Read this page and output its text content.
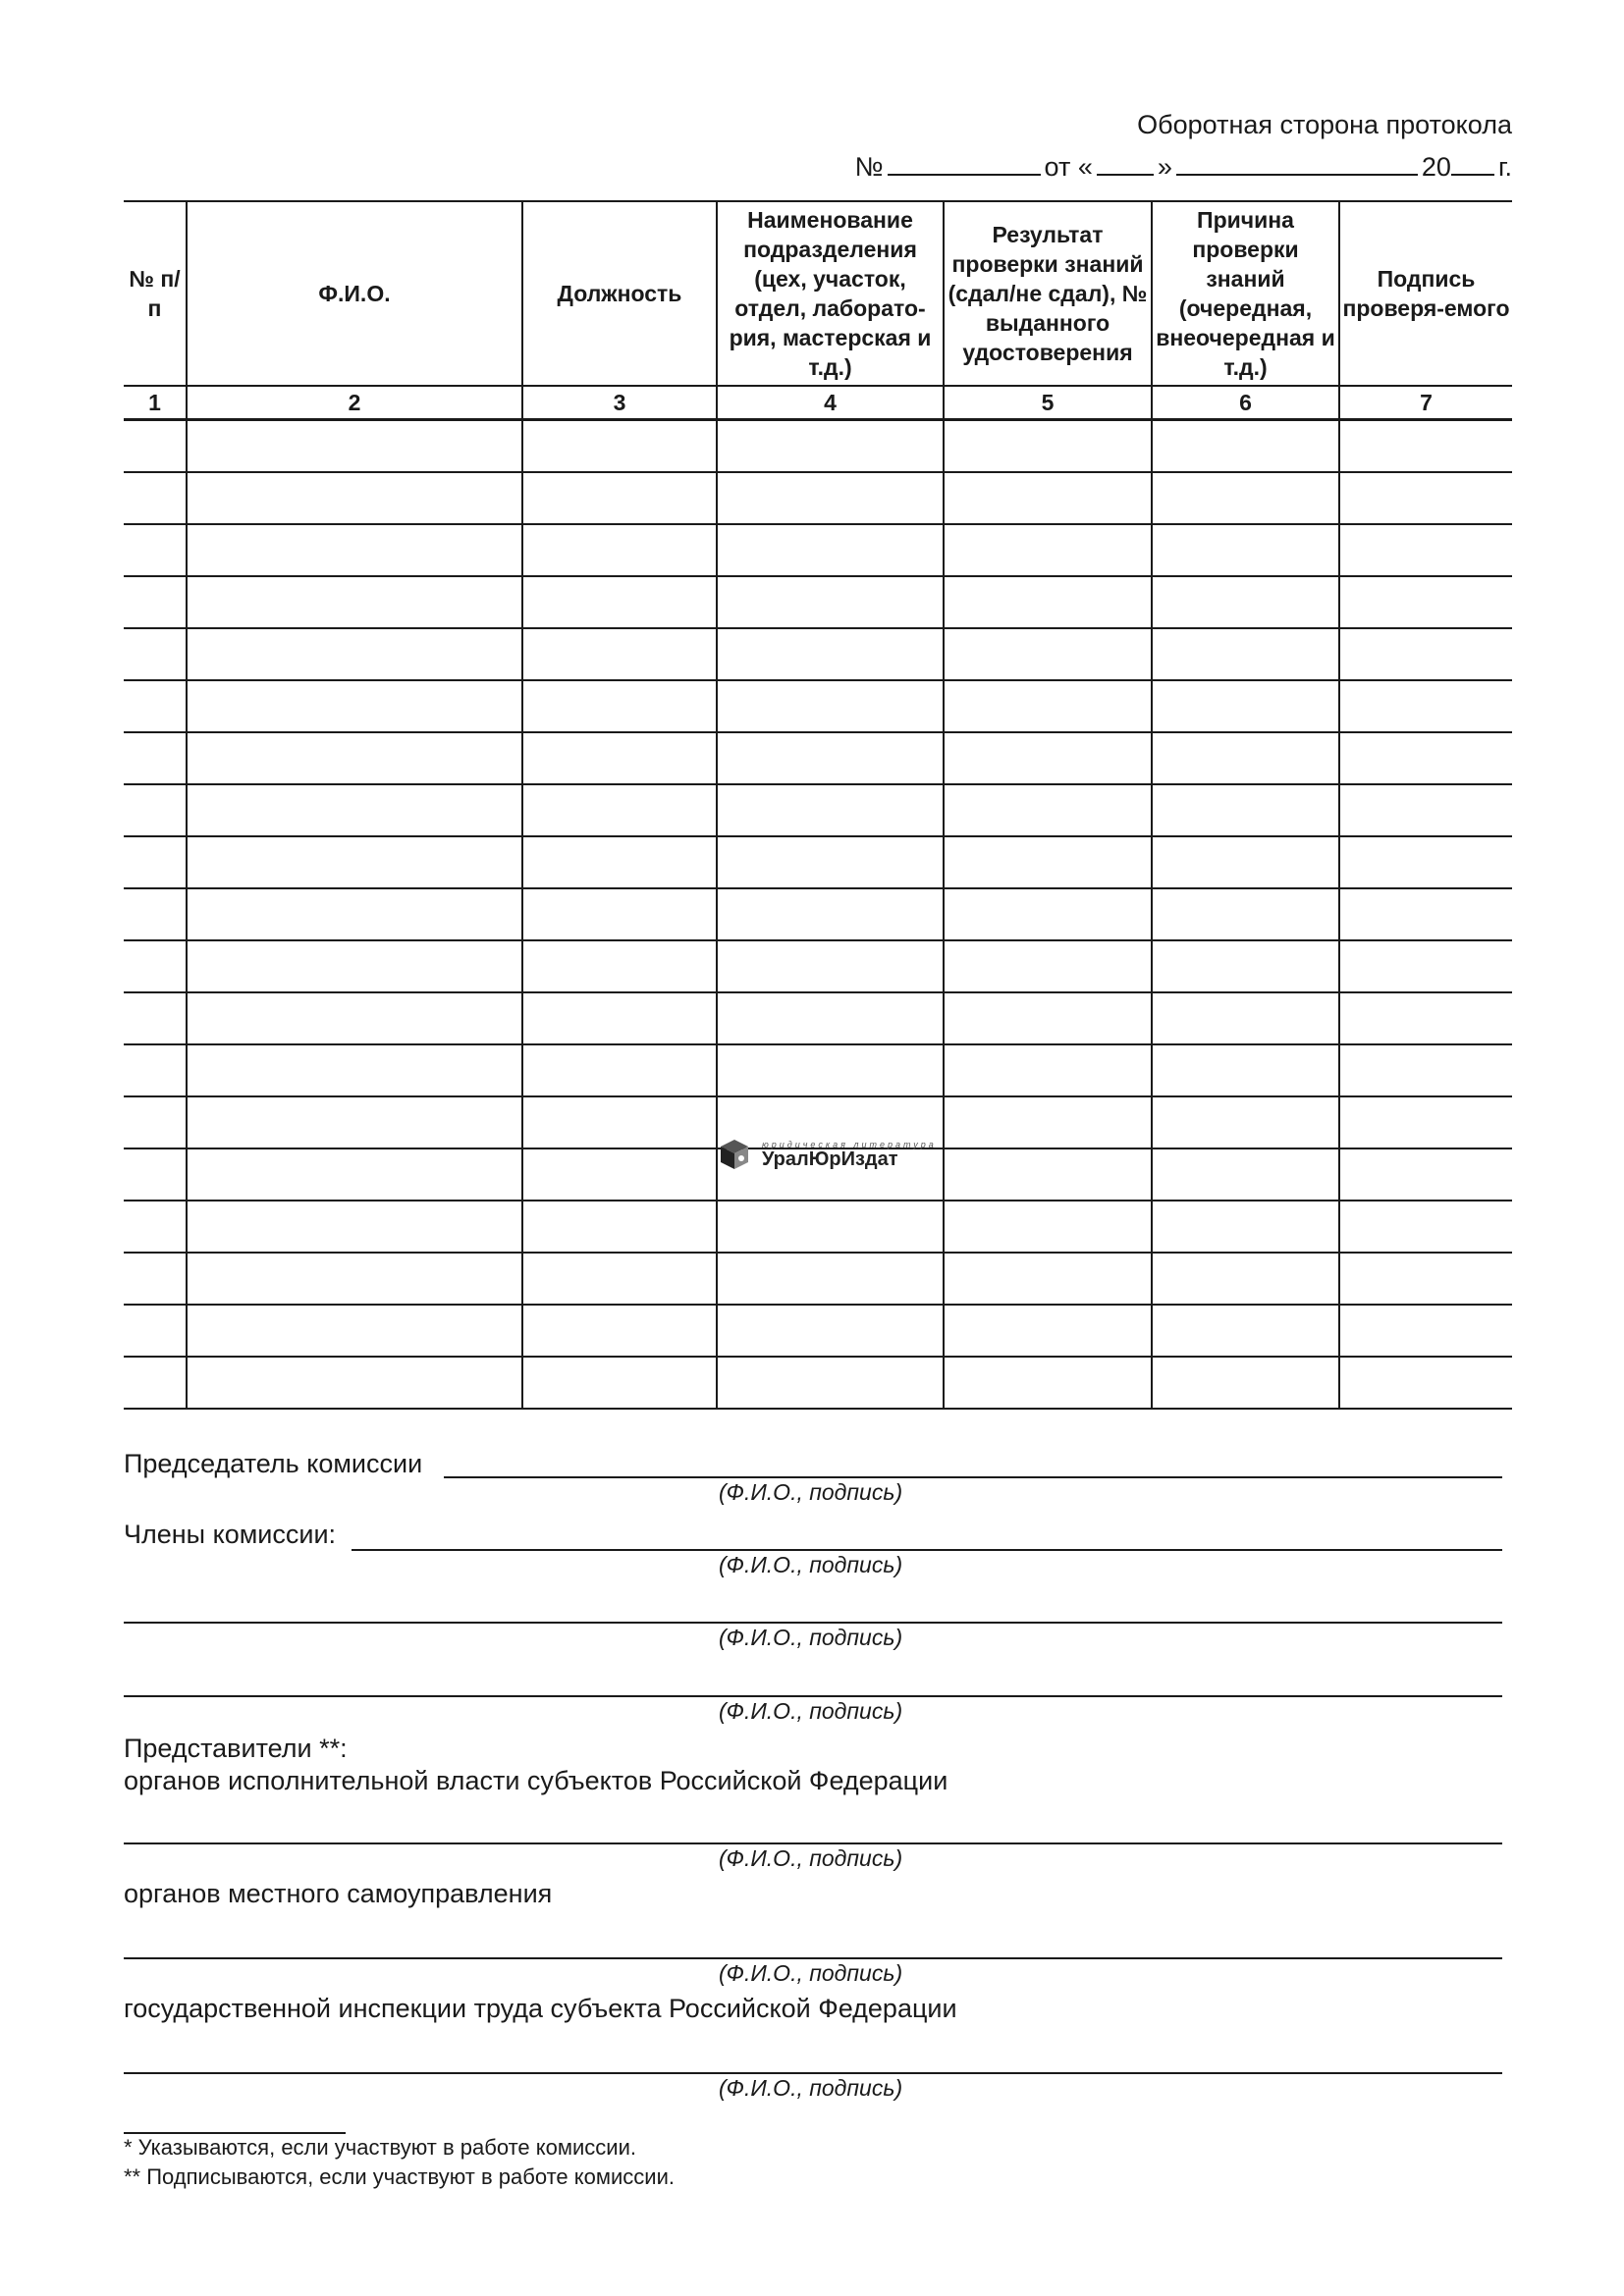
Оборотная сторона протокола
№	от « »	20 г.
№ п/п	Ф.И.О.	Должность	Наименование подразделения (цех, участок, отдел, лаборато-рия, мастерская и т.д.)	Результат проверки знаний (сдал/не сдал), № выданного удостоверения	Причина проверки знаний (очередная, внеочередная и т.д.)	Подпись проверя-емого
1	2	3	4	5	6	7

юридическая литература
УралЮрИздат
Председатель комиссии
(Ф.И.О., подпись)
Члены комиссии:
(Ф.И.О., подпись)
(Ф.И.О., подпись)
(Ф.И.О., подпись)
Представители **:
органов исполнительной власти субъектов Российской Федерации
(Ф.И.О., подпись)
органов местного самоуправления
(Ф.И.О., подпись)
государственной инспекции труда субъекта Российской Федерации
(Ф.И.О., подпись)
* Указываются, если участвуют в работе комиссии.
** Подписываются, если участвуют в работе комиссии.
